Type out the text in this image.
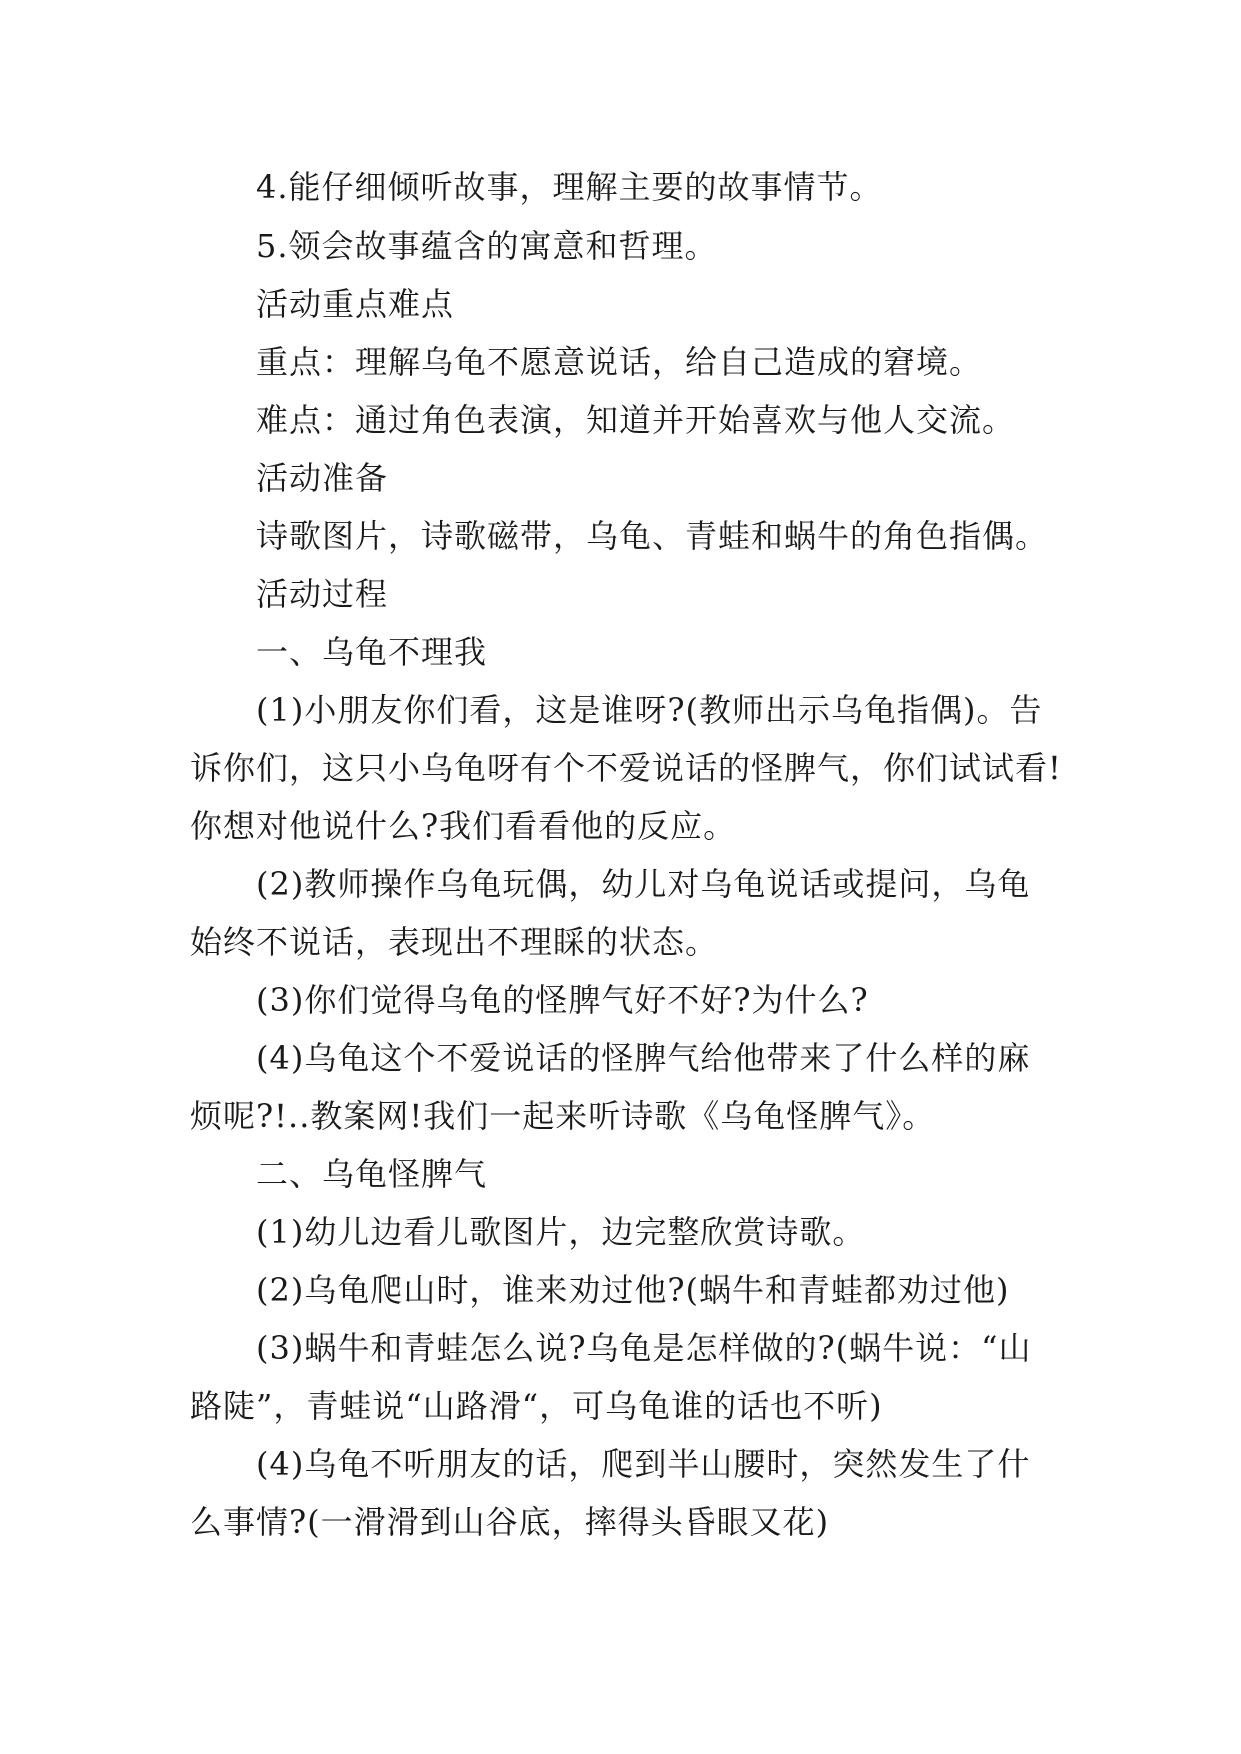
4.能仔细倾听故事，理解主要的故事情节。
5.领会故事蕴含的寓意和哲理。
活动重点难点
重点：理解乌龟不愿意说话，给自己造成的窘境。
难点：通过角色表演，知道并开始喜欢与他人交流。
活动准备
诗歌图片，诗歌磁带，乌龟、青蛙和蜗牛的角色指偶。
活动过程
一、乌龟不理我
(1)小朋友你们看，这是谁呀?(教师出示乌龟指偶)。告
诉你们，这只小乌龟呀有个不爱说话的怪脾气，你们试试看!
你想对他说什么?我们看看他的反应。
(2)教师操作乌龟玩偶，幼儿对乌龟说话或提问，乌龟
始终不说话，表现出不理睬的状态。
(3)你们觉得乌龟的怪脾气好不好?为什么?
(4)乌龟这个不爱说话的怪脾气给他带来了什么样的麻
烦呢?!..教案网!我们一起来听诗歌《乌龟怪脾气》。
二、乌龟怪脾气
(1)幼儿边看儿歌图片，边完整欣赏诗歌。
(2)乌龟爬山时，谁来劝过他?(蜗牛和青蛙都劝过他)
(3)蜗牛和青蛙怎么说?乌龟是怎样做的?(蜗牛说：“山
路陡”，青蛙说“山路滑“，可乌龟谁的话也不听)
(4)乌龟不听朋友的话，爬到半山腰时，突然发生了什
么事情?(一滑滑到山谷底，摔得头昏眼又花)
